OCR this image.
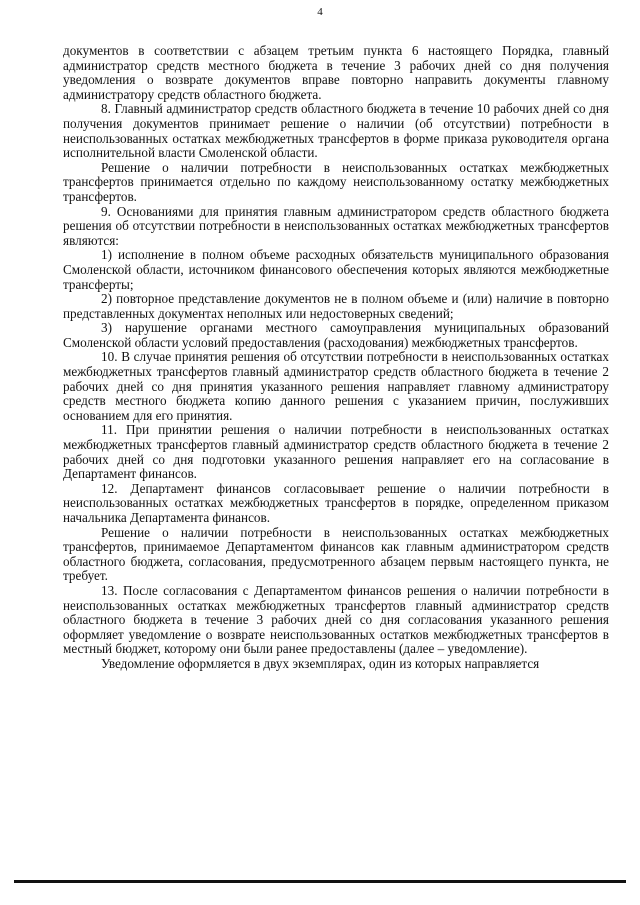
4

документов в соответствии с абзацем третьим пункта 6 настоящего Порядка, главный администратор средств местного бюджета в течение 3 рабочих дней со дня получения уведомления о возврате документов вправе повторно направить документы главному администратору средств областного бюджета.

8. Главный администратор средств областного бюджета в течение 10 рабочих дней со дня получения документов принимает решение о наличии (об отсутствии) потребности в неиспользованных остатках межбюджетных трансфертов в форме приказа руководителя органа исполнительной власти Смоленской области.

Решение о наличии потребности в неиспользованных остатках межбюджетных трансфертов принимается отдельно по каждому неиспользованному остатку межбюджетных трансфертов.

9. Основаниями для принятия главным администратором средств областного бюджета решения об отсутствии потребности в неиспользованных остатках межбюджетных трансфертов являются:

1) исполнение в полном объеме расходных обязательств муниципального образования Смоленской области, источником финансового обеспечения которых являются межбюджетные трансферты;

2) повторное представление документов не в полном объеме и (или) наличие в повторно представленных документах неполных или недостоверных сведений;

3) нарушение органами местного самоуправления муниципальных образований Смоленской области условий предоставления (расходования) межбюджетных трансфертов.

10. В случае принятия решения об отсутствии потребности в неиспользованных остатках межбюджетных трансфертов главный администратор средств областного бюджета в течение 2 рабочих дней со дня принятия указанного решения направляет главному администратору средств местного бюджета копию данного решения с указанием причин, послуживших основанием для его принятия.

11. При принятии решения о наличии потребности в неиспользованных остатках межбюджетных трансфертов главный администратор средств областного бюджета в течение 2 рабочих дней со дня подготовки указанного решения направляет его на согласование в Департамент финансов.

12. Департамент финансов согласовывает решение о наличии потребности в неиспользованных остатках межбюджетных трансфертов в порядке, определенном приказом начальника Департамента финансов.

Решение о наличии потребности в неиспользованных остатках межбюджетных трансфертов, принимаемое Департаментом финансов как главным администратором средств областного бюджета, согласования, предусмотренного абзацем первым настоящего пункта, не требует.

13. После согласования с Департаментом финансов решения о наличии потребности в неиспользованных остатках межбюджетных трансфертов главный администратор средств областного бюджета в течение 3 рабочих дней со дня согласования указанного решения оформляет уведомление о возврате неиспользованных остатков межбюджетных трансфертов в местный бюджет, которому они были ранее предоставлены (далее – уведомление).

Уведомление оформляется в двух экземплярах, один из которых направляется
